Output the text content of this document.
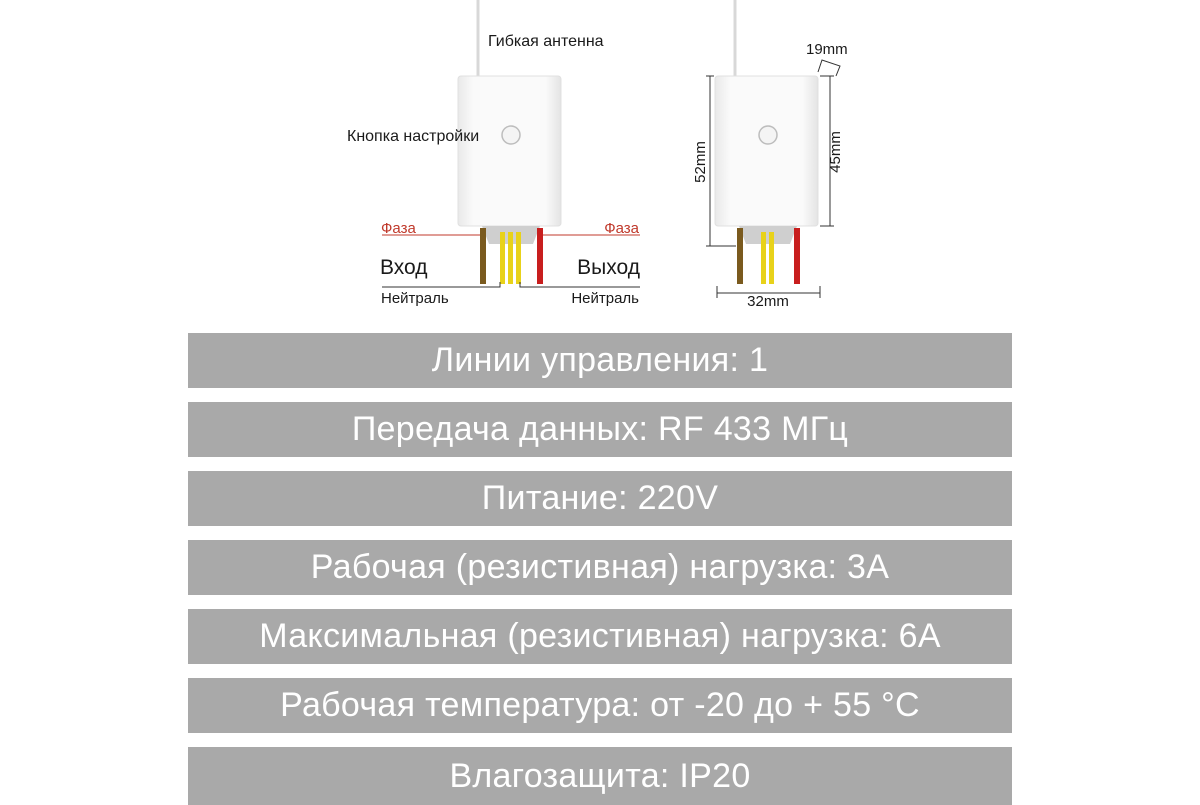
Гибкая антенна
Кнопка настройки
Фаза	Фаза
Вход	Выход
Нейтраль	Нейтраль
19mm
52mm	45mm
32mm
Линии управления: 1
Передача данных: RF 433 МГц
Питание: 220V
Рабочая (резистивная) нагрузка: 3A
Максимальная (резистивная) нагрузка: 6A
Рабочая температура: от -20 до + 55 °С
Влагозащита: IP20
